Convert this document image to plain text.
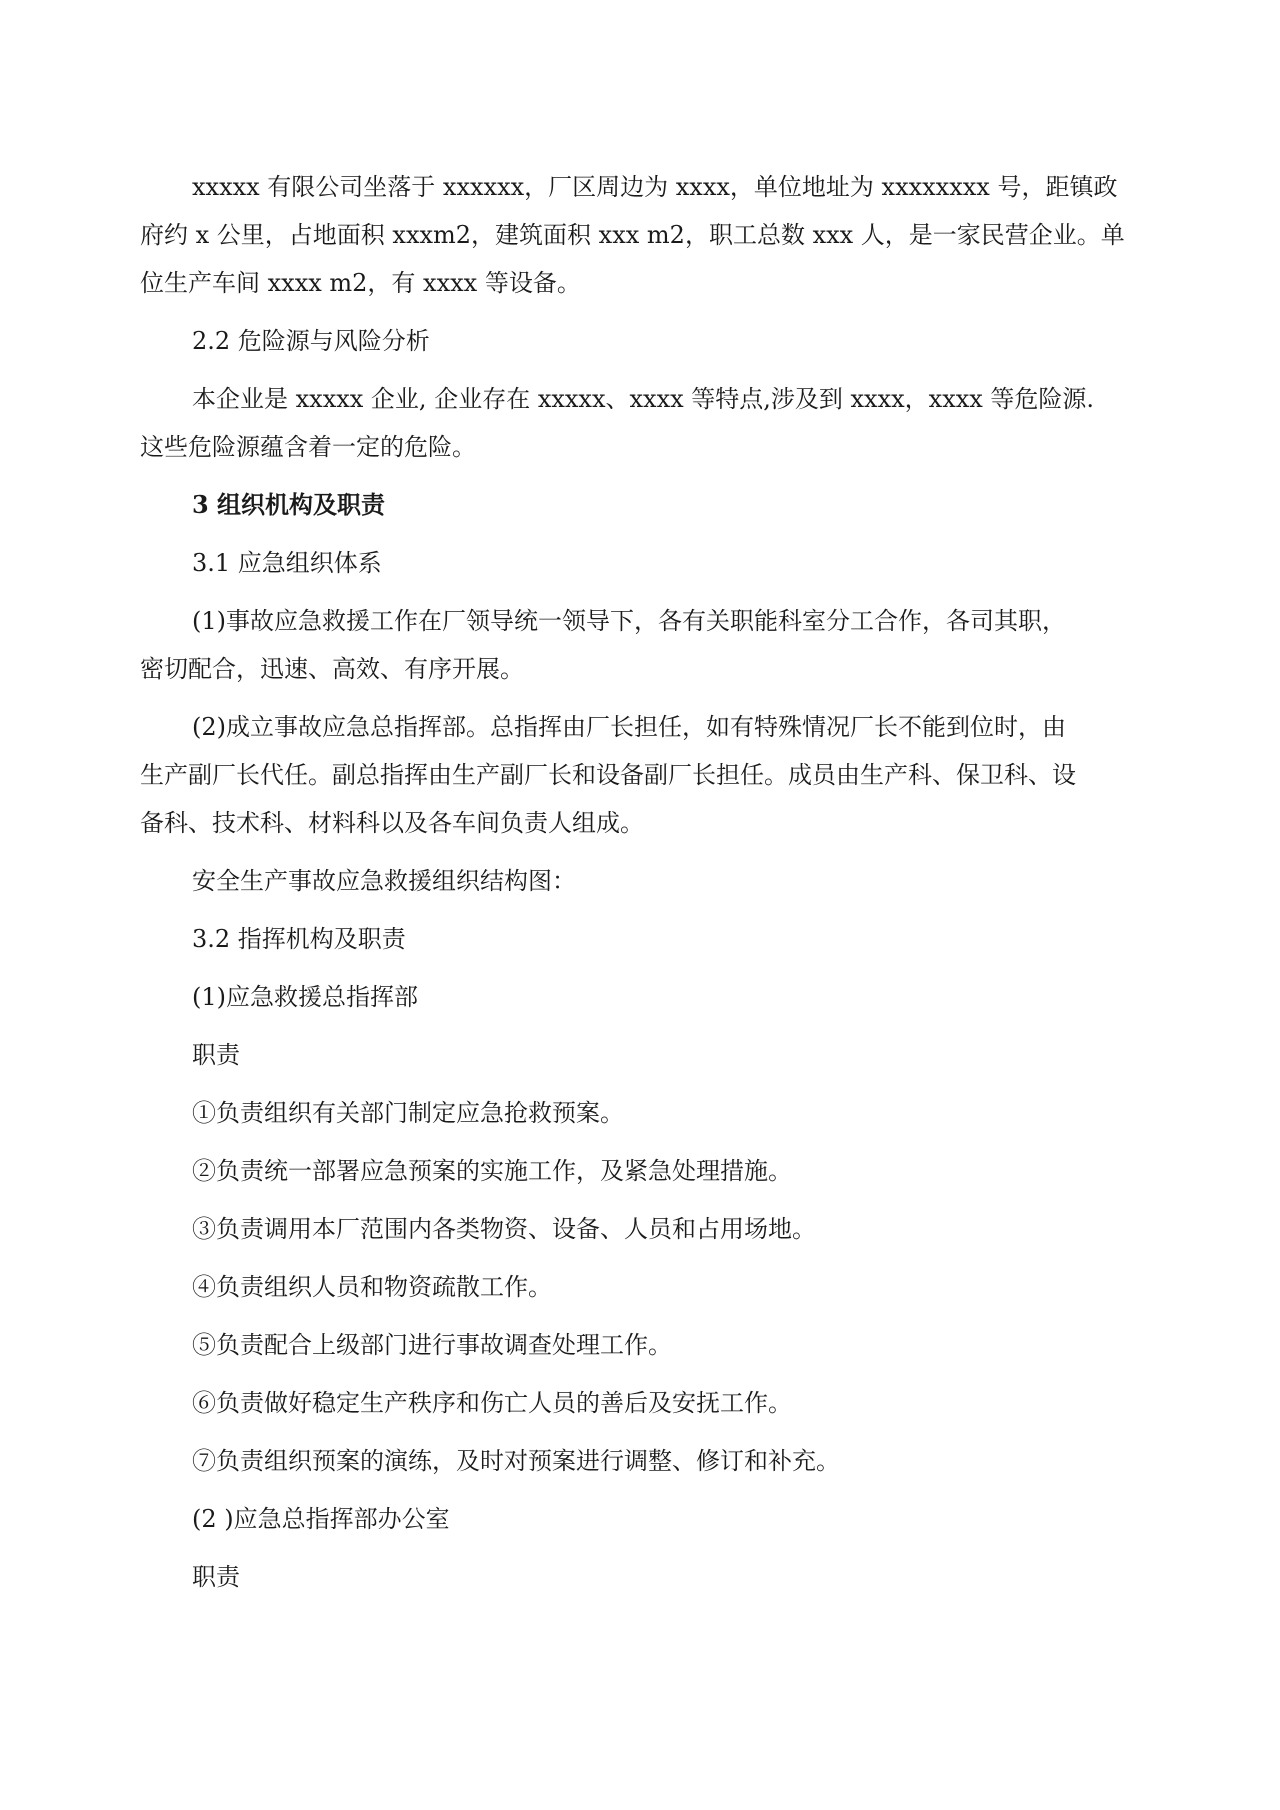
xxxxx 有限公司坐落于 xxxxxx，厂区周边为 xxxx，单位地址为 xxxxxxxx 号，距镇政

府约 x 公里，占地面积 xxxm2，建筑面积 xxx m2，职工总数 xxx 人，是一家民营企业。单

位生产车间 xxxx m2，有 xxxx 等设备。

2.2 危险源与风险分析

本企业是 xxxxx 企业, 企业存在 xxxxx、xxxx 等特点,涉及到 xxxx，xxxx 等危险源.

这些危险源蕴含着一定的危险。

3 组织机构及职责

3.1 应急组织体系

(1)事故应急救援工作在厂领导统一领导下，各有关职能科室分工合作，各司其职，

密切配合，迅速、高效、有序开展。

(2)成立事故应急总指挥部。总指挥由厂长担任，如有特殊情况厂长不能到位时，由

生产副厂长代任。副总指挥由生产副厂长和设备副厂长担任。成员由生产科、保卫科、设

备科、技术科、材料科以及各车间负责人组成。

安全生产事故应急救援组织结构图：

3.2 指挥机构及职责

(1)应急救援总指挥部

职责

①负责组织有关部门制定应急抢救预案。

②负责统一部署应急预案的实施工作，及紧急处理措施。

③负责调用本厂范围内各类物资、设备、人员和占用场地。

④负责组织人员和物资疏散工作。

⑤负责配合上级部门进行事故调查处理工作。

⑥负责做好稳定生产秩序和伤亡人员的善后及安抚工作。

⑦负责组织预案的演练，及时对预案进行调整、修订和补充。

(2 )应急总指挥部办公室

职责
